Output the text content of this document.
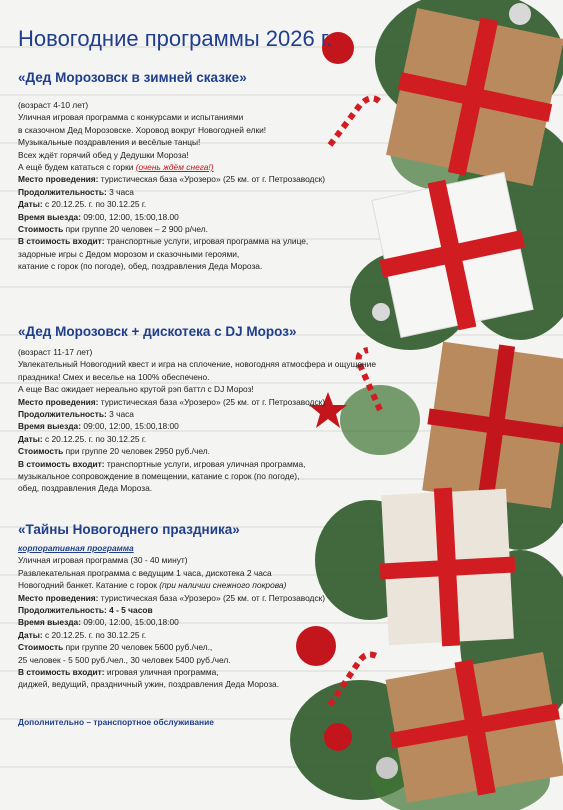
Новогодние программы 2026 г.
«Дед Морозовск в зимней сказке»
(возраст 4-10 лет)
Уличная игровая программа с конкурсами и испытаниями
в сказочном Дед Морозовске. Хоровод вокруг Новогодней елки!
Музыкальные поздравления и весёлые танцы!
Всех ждёт горячий обед у Дедушки Мороза!
А ещё будем кататься с горки (очень ждём снега!)
Место проведения: туристическая база «Урозеро» (25 км. от г. Петрозаводск)
Продолжительность: 3 часа
Даты: с 20.12.25. г. по 30.12.25 г.
Время выезда: 09:00, 12:00, 15:00,18.00
Стоимость при группе 20 человек – 2 900 р/чел.
В стоимость входит: транспортные услуги, игровая программа на улице,
задорные игры с Дедом морозом и сказочными героями,
катание с горок (по погоде), обед, поздравления Деда Мороза.
«Дед Морозовск + дискотека с DJ Мороз»
(возраст 11-17 лет)
Увлекательный Новогодний квест и игра на сплочение, новогодняя атмосфера и ощущение
праздника! Смех и веселье на 100% обеспечено.
А еще Вас ожидает нереально крутой рэп баттл с DJ Мороз!
Место проведения: туристическая база «Урозеро» (25 км. от г. Петрозаводск)
Продолжительность: 3 часа
Время выезда: 09:00, 12:00, 15:00,18:00
Даты: с 20.12.25. г. по 30.12.25 г.
Стоимость при группе 20 человек 2950 руб./чел.
В стоимость входит: транспортные услуги, игровая уличная программа,
музыкальное сопровождение в помещении, катание с горок (по погоде),
обед, поздравления Деда Мороза.
«Тайны Новогоднего праздника»
корпоративная программа
Уличная игровая программа (30 - 40 минут)
Развлекательная программа с ведущим 1 часа, дискотека 2 часа
Новогодний банкет. Катание с горок (при наличии снежного покрова)
Место проведения: туристическая база «Урозеро» (25 км. от г. Петрозаводск)
Продолжительность: 4 - 5 часов
Время выезда: 09:00, 12:00, 15:00,18:00
Даты: с 20.12.25. г. по 30.12.25 г.
Стоимость при группе 20 человек 5600 руб./чел.,
25 человек - 5 500 руб./чел., 30 человек 5400 руб./чел.
В стоимость входит: игровая уличная программа,
диджей, ведущий, праздничный ужин, поздравления Деда Мороза.
Дополнительно – транспортное обслуживание
